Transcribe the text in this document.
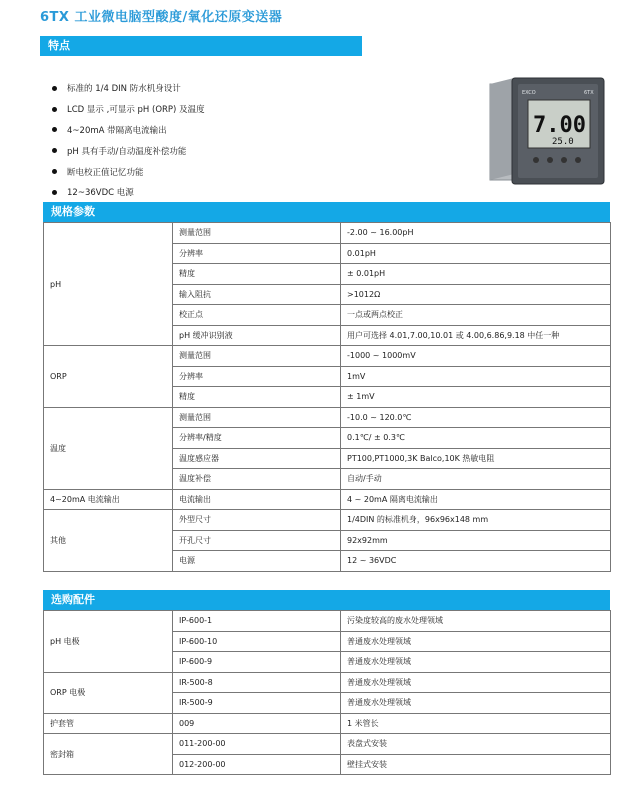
6TX 工业微电脑型酸度/氧化还原变送器
特点
标准的 1/4 DIN 防水机身设计
LCD 显示 ,可显示 pH (ORP) 及温度
4~20mA 带隔离电流输出
pH 具有手动/自动温度补偿功能
断电校正值记忆功能
12~36VDC 电源
EXCO	6TX
7.00
25.0
规格参数
pH	测量范围	-2.00 ~ 16.00pH
	分辨率	0.01pH
	精度	± 0.01pH
	输入阻抗	>1012Ω
	校正点	一点或两点校正
	pH 缓冲识别液	用户可选择 4.01,7.00,10.01 或 4.00,6.86,9.18 中任一种
ORP	测量范围	-1000 ~ 1000mV
	分辨率	1mV
	精度	± 1mV
温度	测量范围	-10.0 ~ 120.0℃
	分辨率/精度	0.1℃/ ± 0.3℃
	温度感应器	PT100,PT1000,3K Balco,10K 热敏电阻
	温度补偿	自动/手动
4~20mA 电流输出	电流输出	4 ~ 20mA 隔离电流输出
其他	外型尺寸	1/4DIN 的标准机身，96x96x148 mm
	开孔尺寸	92x92mm
	电源	12 ~ 36VDC
选购配件
pH 电极	IP-600-1	污染度较高的废水处理领域
	IP-600-10	普通废水处理领域
	IP-600-9	普通废水处理领域
ORP 电极	IR-500-8	普通废水处理领域
	IR-500-9	普通废水处理领域
护套管	009	1 米管长
密封箱	011-200-00	表盘式安装
	012-200-00	壁挂式安装
